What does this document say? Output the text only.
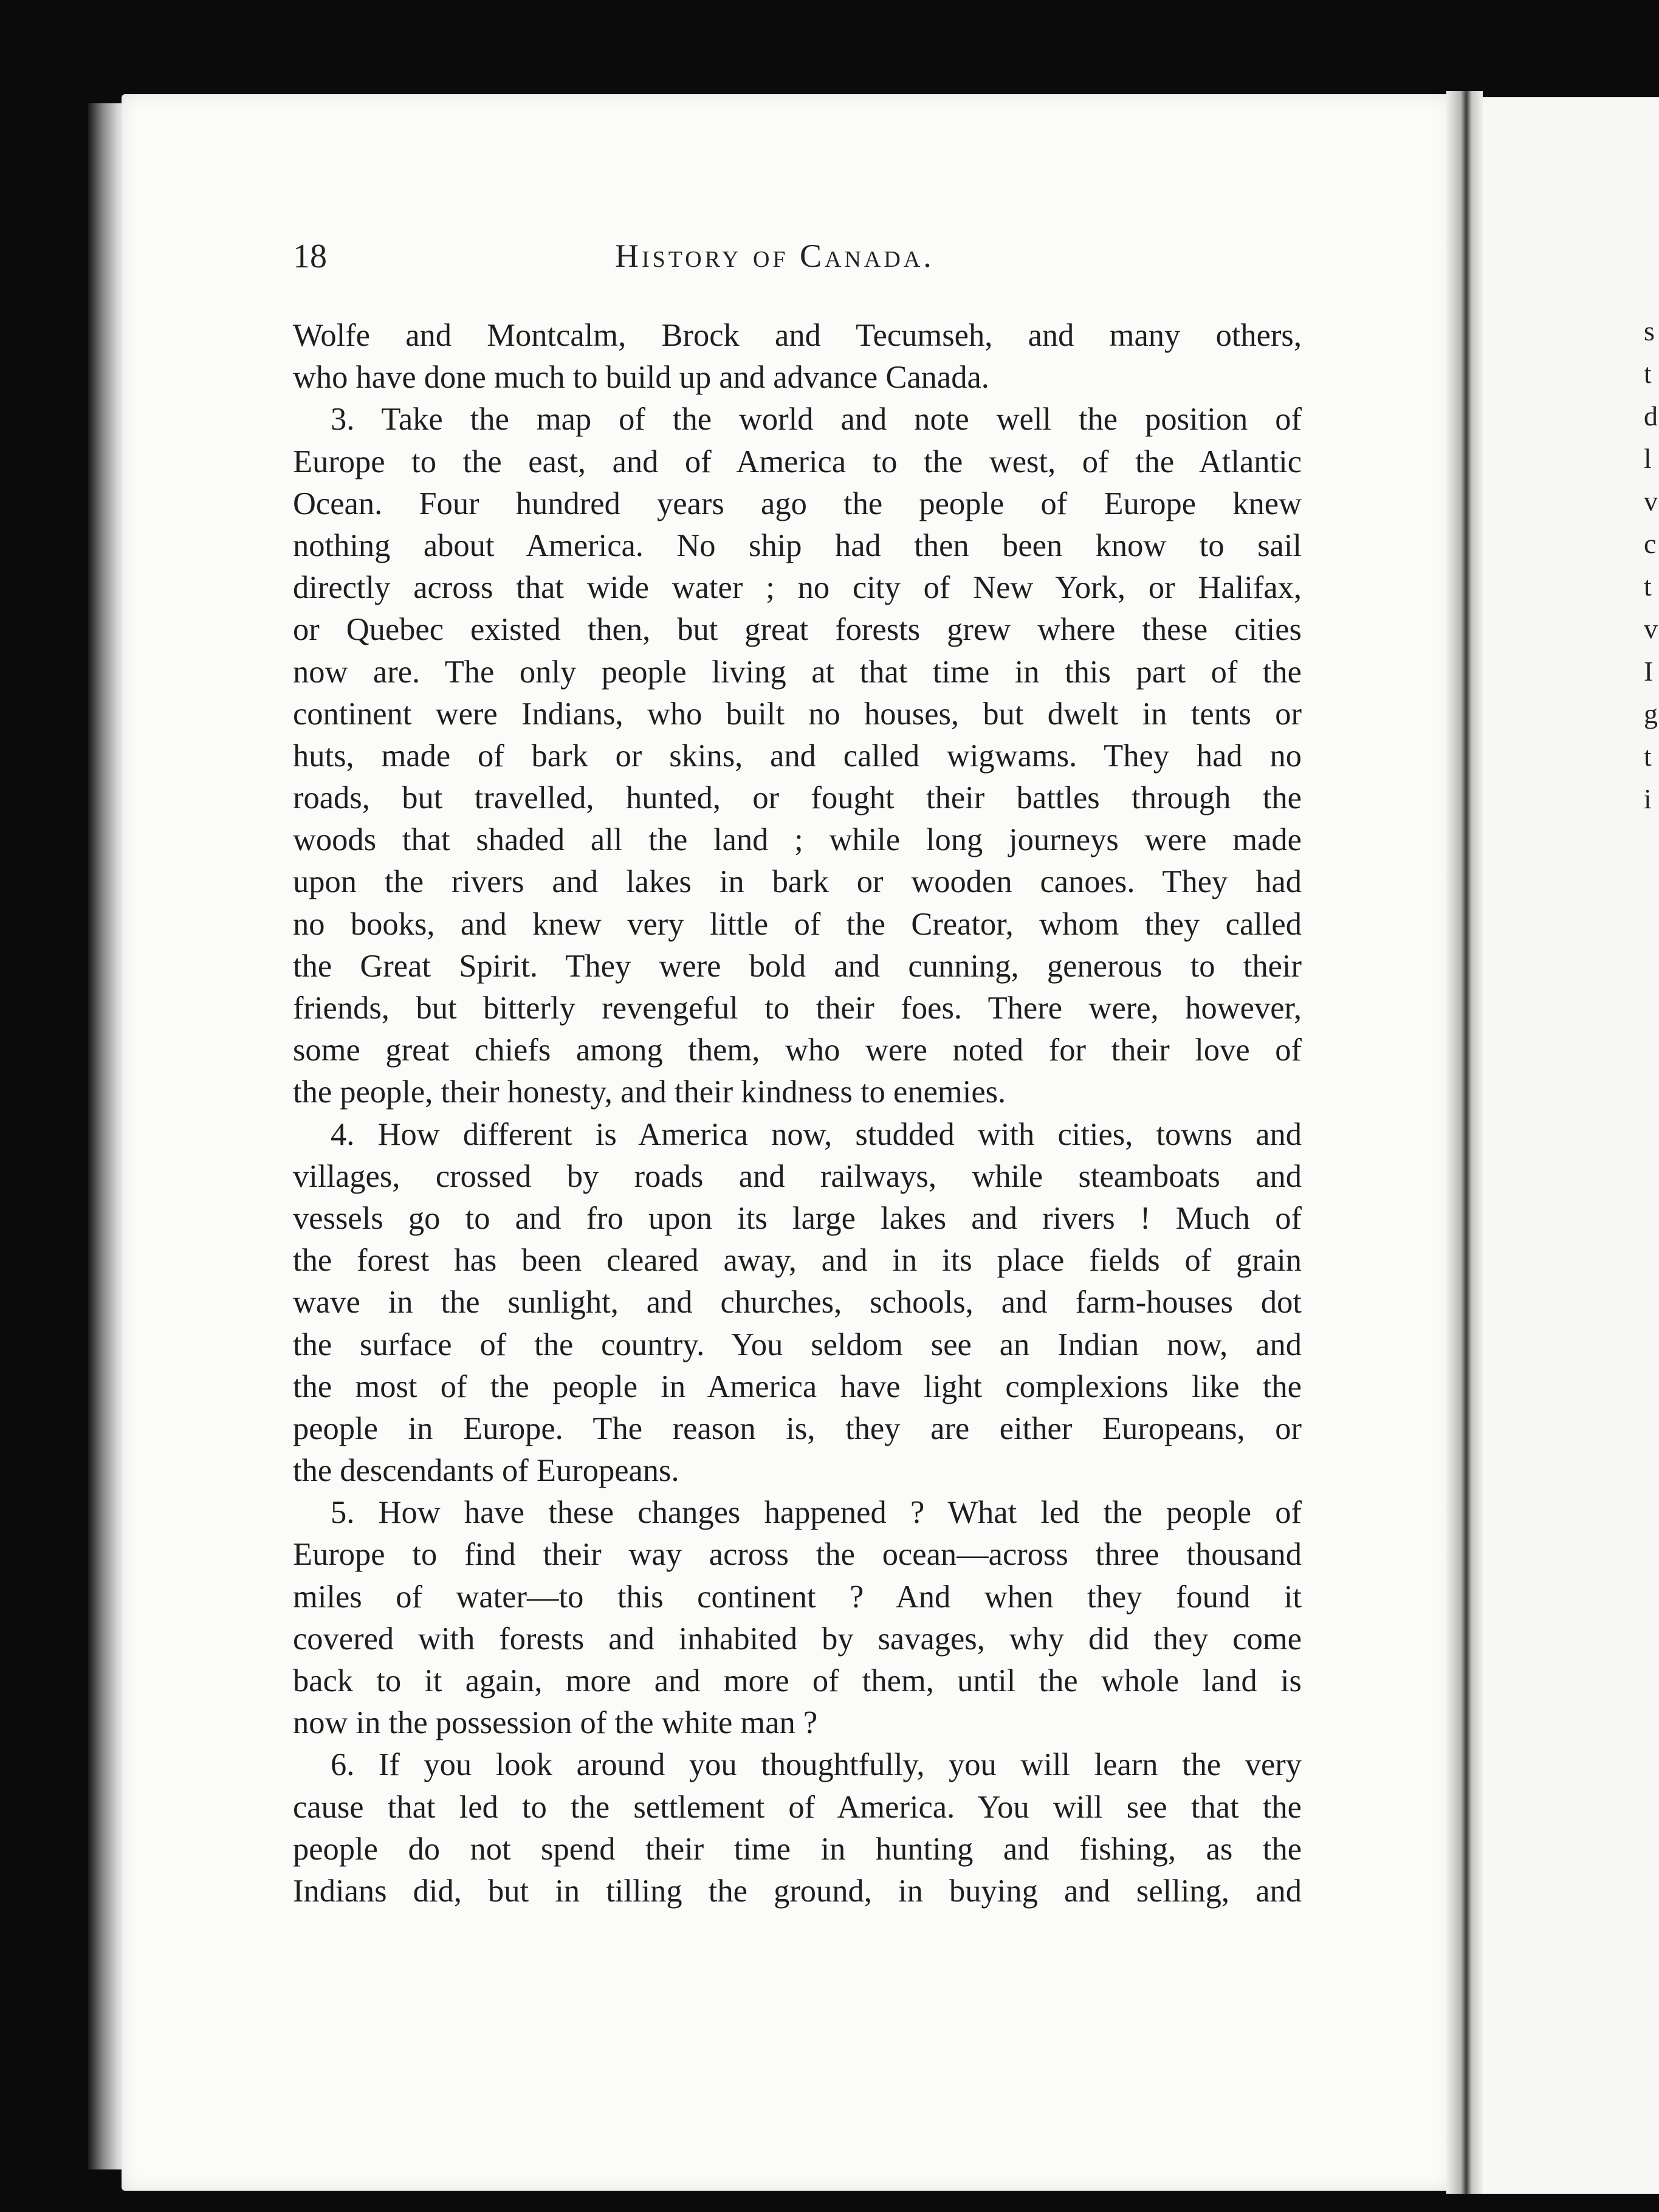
s
t
d
l
v
c
t
v
I
g
t
i
18	History of Canada.
Wolfe and Montcalm, Brock and Tecumseh, and many others,
who have done much to build up and advance Canada.
3. Take the map of the world and note well the position of
Europe to the east, and of America to the west, of the Atlantic
Ocean. Four hundred years ago the people of Europe knew
nothing about America. No ship had then been know to sail
directly across that wide water ; no city of New York, or Halifax,
or Quebec existed then, but great forests grew where these cities
now are. The only people living at that time in this part of the
continent were Indians, who built no houses, but dwelt in tents or
huts, made of bark or skins, and called wigwams. They had no
roads, but travelled, hunted, or fought their battles through the
woods that shaded all the land ; while long journeys were made
upon the rivers and lakes in bark or wooden canoes. They had
no books, and knew very little of the Creator, whom they called
the Great Spirit. They were bold and cunning, generous to their
friends, but bitterly revengeful to their foes. There were, however,
some great chiefs among them, who were noted for their love of
the people, their honesty, and their kindness to enemies.
4. How different is America now, studded with cities, towns and
villages, crossed by roads and railways, while steamboats and
vessels go to and fro upon its large lakes and rivers ! Much of
the forest has been cleared away, and in its place fields of grain
wave in the sunlight, and churches, schools, and farm-houses dot
the surface of the country. You seldom see an Indian now, and
the most of the people in America have light complexions like the
people in Europe. The reason is, they are either Europeans, or
the descendants of Europeans.
5. How have these changes happened ? What led the people of
Europe to find their way across the ocean—across three thousand
miles of water—to this continent ? And when they found it
covered with forests and inhabited by savages, why did they come
back to it again, more and more of them, until the whole land is
now in the possession of the white man ?
6. If you look around you thoughtfully, you will learn the very
cause that led to the settlement of America. You will see that the
people do not spend their time in hunting and fishing, as the
Indians did, but in tilling the ground, in buying and selling, and
